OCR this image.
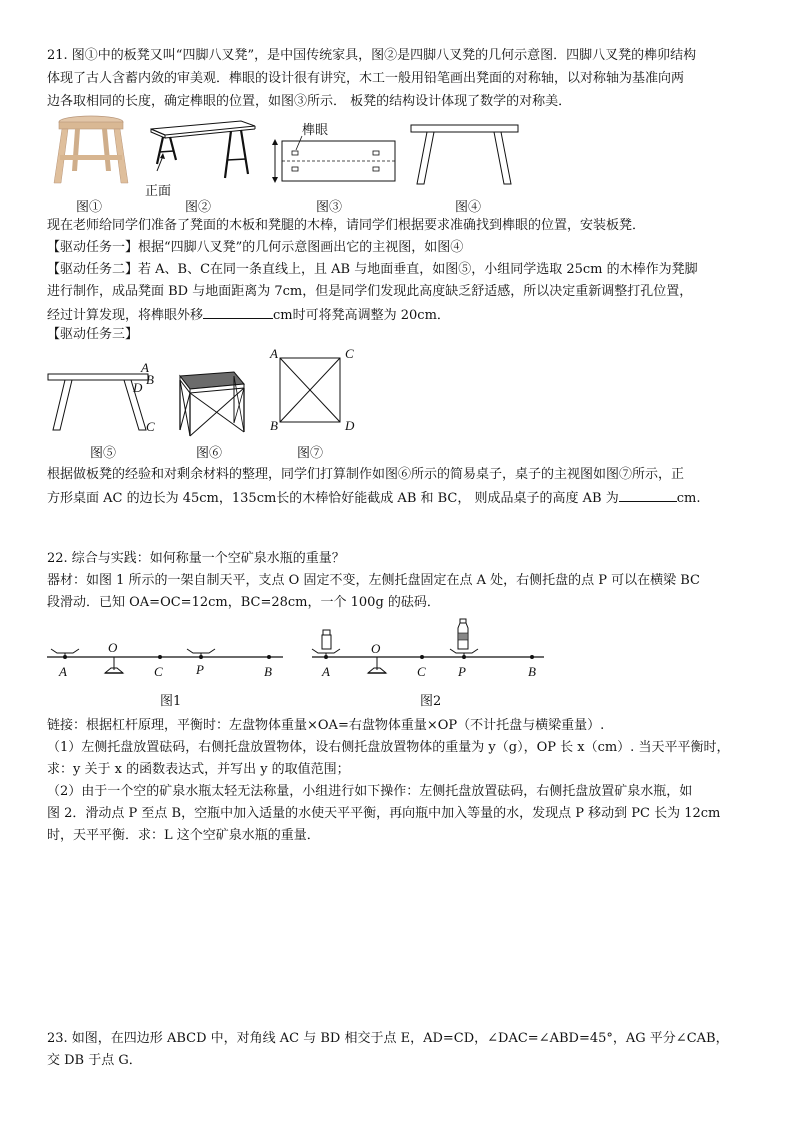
21. 图①中的板凳又叫“四脚八叉凳”，是中国传统家具，图②是四脚八叉凳的几何示意图．四脚八叉凳的榫卯结构
体现了古人含蓄内敛的审美观．榫眼的设计很有讲究，木工一般用铅笔画出凳面的对称轴，以对称轴为基准向两
边各取相同的长度，确定榫眼的位置，如图③所示． 板凳的结构设计体现了数学的对称美．
正面
榫眼
图①	图②	图③	图④
现在老师给同学们准备了凳面的木板和凳腿的木棒，请同学们根据要求准确找到榫眼的位置，安装板凳．
【驱动任务一】根据“四脚八叉凳”的几何示意图画出它的主视图，如图④
【驱动任务二】若 A、B、C在同一条直线上，且 AB 与地面垂直，如图⑤，小组同学选取 25cm 的木棒作为凳脚
进行制作，成品凳面 BD 与地面距离为 7cm，但是同学们发现此高度缺乏舒适感，所以决定重新调整打孔位置，
经过计算发现，将榫眼外移	cm时可将凳高调整为 20cm．
【驱动任务三】
A
B
D
C
A	C
B	D
图⑤	图⑥	图⑦
根据做板凳的经验和对剩余材料的整理，同学们打算制作如图⑥所示的简易桌子，桌子的主视图如图⑦所示，正
方形桌面 AC 的边长为 45cm，135cm长的木棒恰好能截成 AB 和 BC， 则成品桌子的高度 AB 为	cm.
22. 综合与实践：如何称量一个空矿泉水瓶的重量？
器材：如图 1 所示的一架自制天平，支点 O 固定不变，左侧托盘固定在点 A 处，右侧托盘的点 P 可以在横梁 BC
段滑动．已知 OA=OC=12cm，BC=28cm，一个 100g 的砝码．
A
O
C	P	B
图1
A
O
C P	B
图2
链接：根据杠杆原理，平衡时：左盘物体重量×OA=右盘物体重量×OP（不计托盘与横梁重量）.
（1）左侧托盘放置砝码，右侧托盘放置物体，设右侧托盘放置物体的重量为 y（g），OP 长 x（cm）. 当天平平衡时，
求：y 关于 x 的函数表达式，并写出 y 的取值范围；
（2）由于一个空的矿泉水瓶太轻无法称量，小组进行如下操作：左侧托盘放置砝码，右侧托盘放置矿泉水瓶，如
图 2．滑动点 P 至点 B，空瓶中加入适量的水使天平平衡，再向瓶中加入等量的水，发现点 P 移动到 PC 长为 12cm
时，天平平衡．求：L 这个空矿泉水瓶的重量．
23. 如图，在四边形 ABCD 中，对角线 AC 与 BD 相交于点 E，AD=CD，∠DAC=∠ABD=45°，AG 平分∠CAB，
交 DB 于点 G．
